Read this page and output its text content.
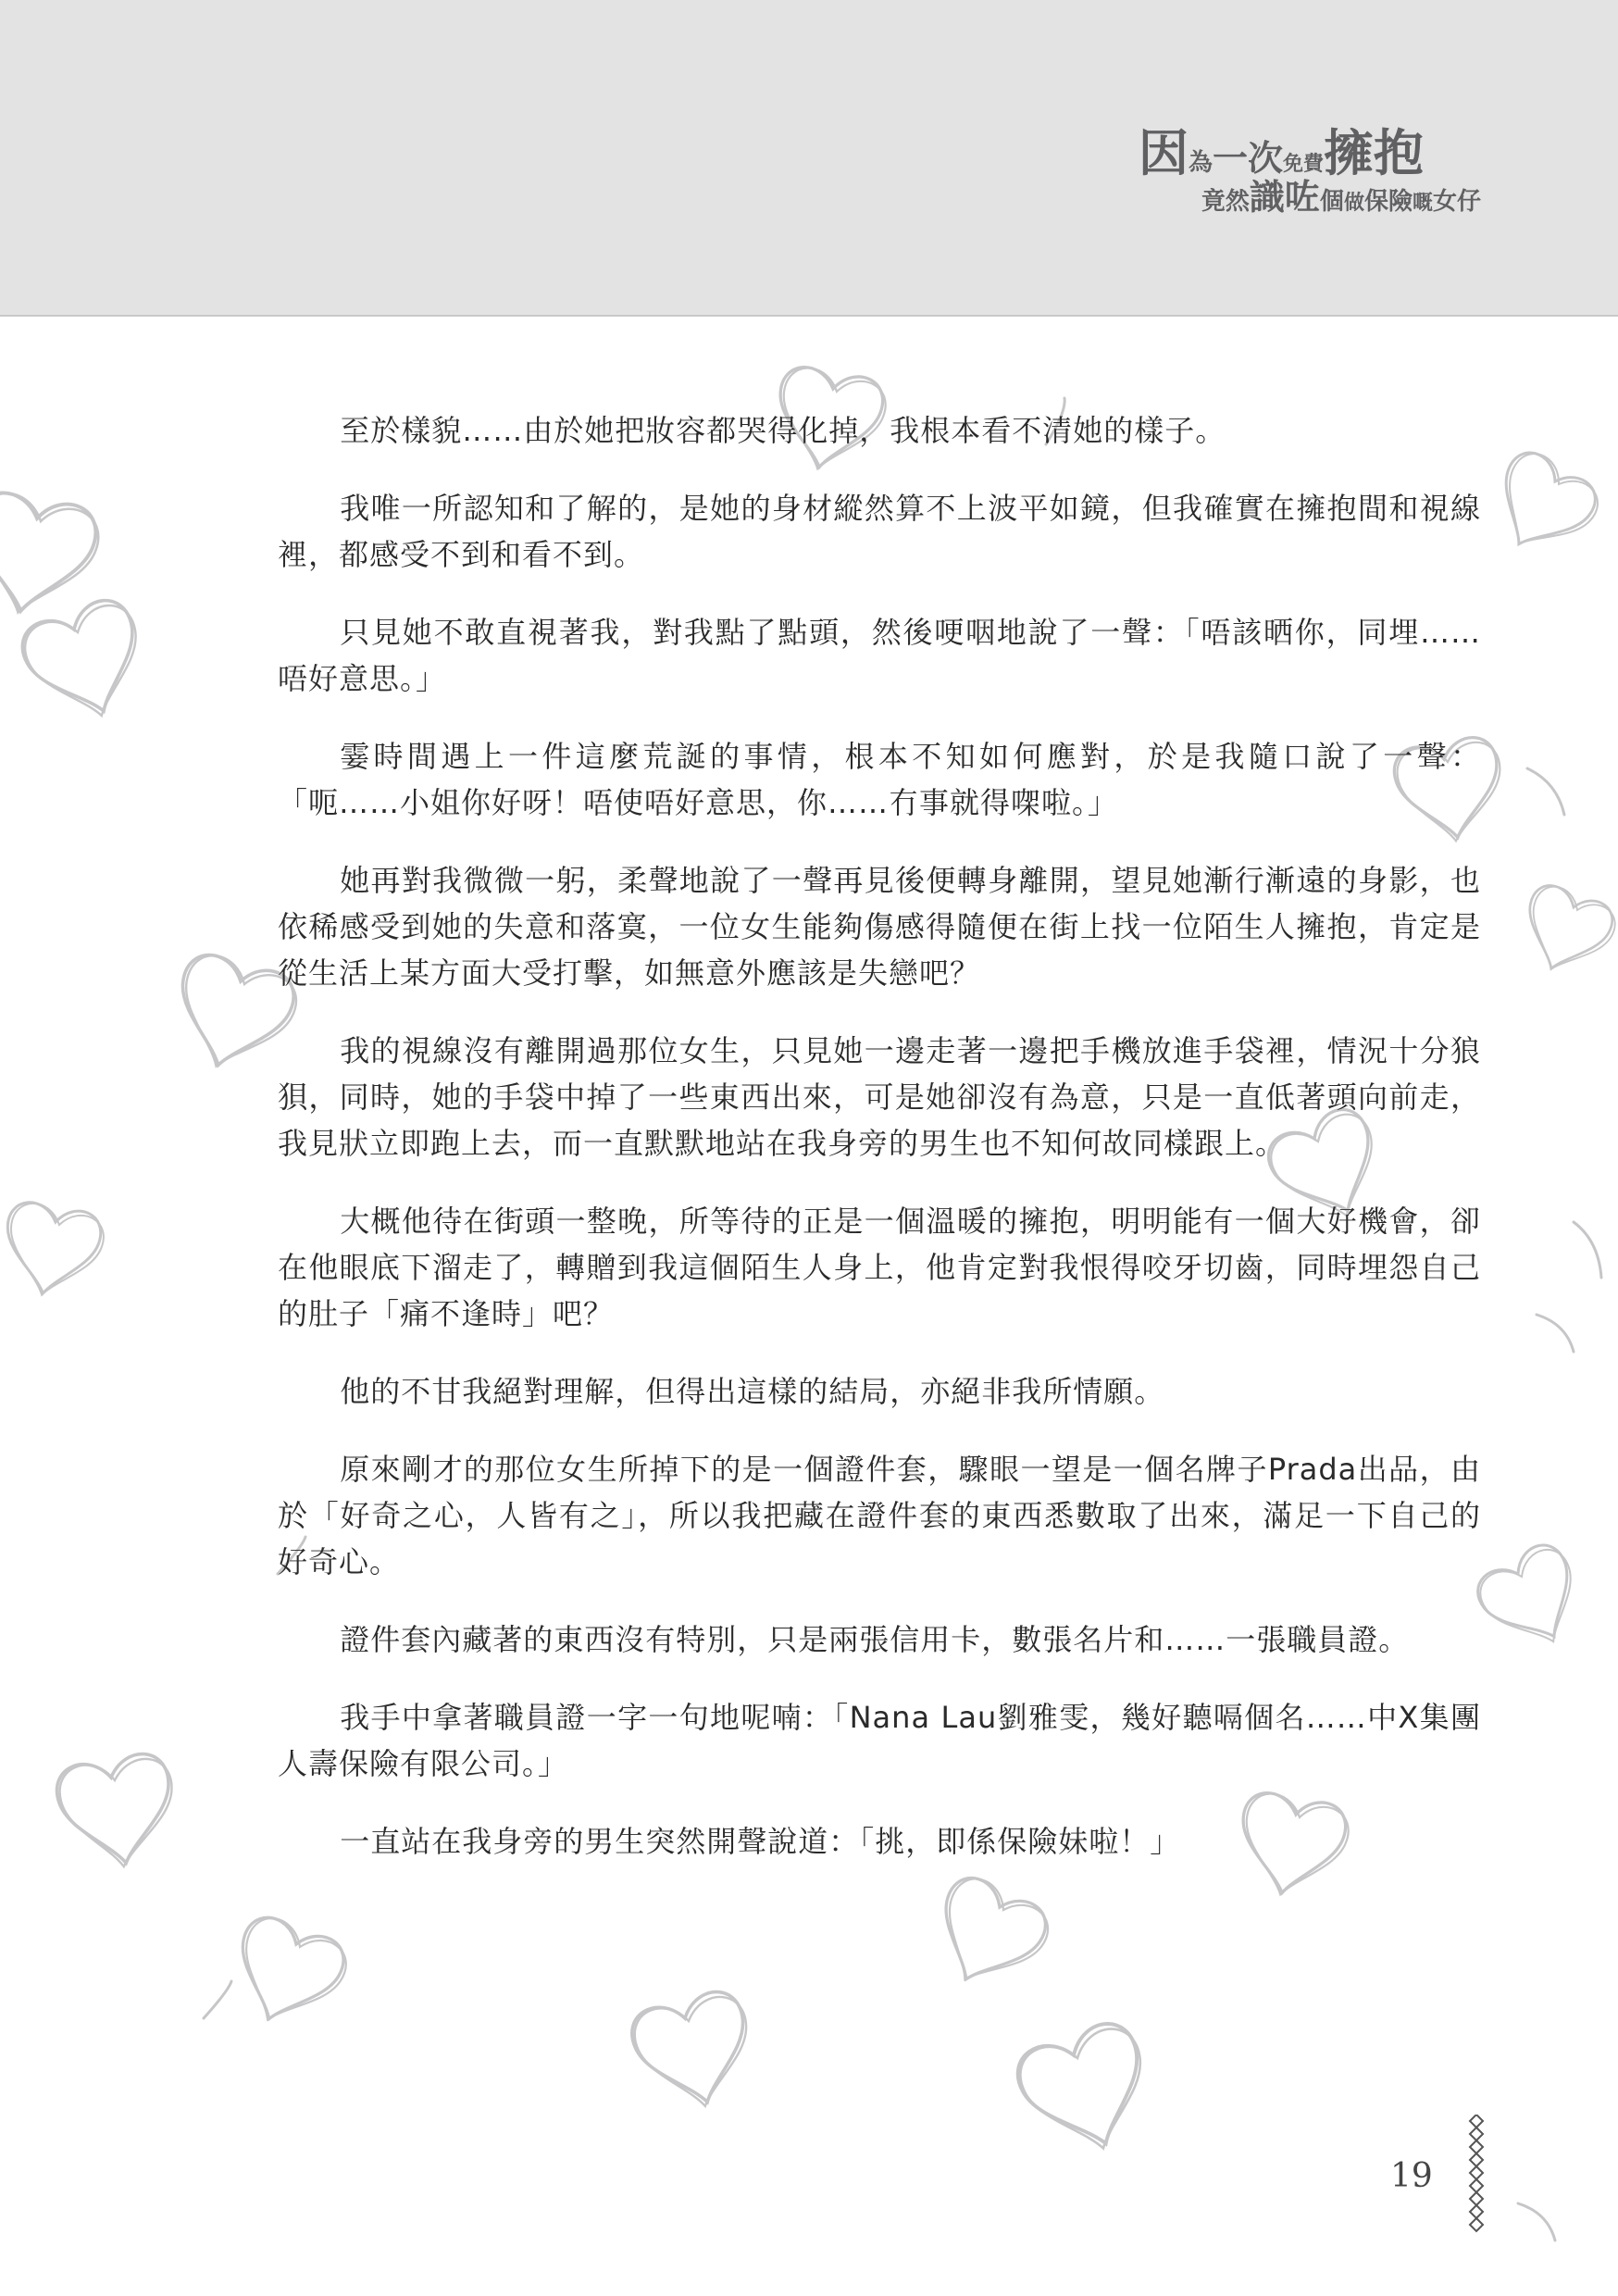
因為一次免費擁抱
竟然識咗個做保險嘅女仔

至於樣貌……由於她把妝容都哭得化掉，我根本看不清她的樣子。

我唯一所認知和了解的，是她的身材縱然算不上波平如鏡，但我確實在擁抱間和視線裡，都感受不到和看不到。

只見她不敢直視著我，對我點了點頭，然後哽咽地說了一聲：「唔該晒你，同埋……唔好意思。」

霎時間遇上一件這麼荒誕的事情，根本不知如何應對，於是我隨口說了一聲：「呃……小姐你好呀！唔使唔好意思，你……冇事就得㗎啦。」

她再對我微微一躬，柔聲地說了一聲再見後便轉身離開，望見她漸行漸遠的身影，也依稀感受到她的失意和落寞，一位女生能夠傷感得隨便在街上找一位陌生人擁抱，肯定是從生活上某方面大受打擊，如無意外應該是失戀吧？

我的視線沒有離開過那位女生，只見她一邊走著一邊把手機放進手袋裡，情況十分狼狽，同時，她的手袋中掉了一些東西出來，可是她卻沒有為意，只是一直低著頭向前走，我見狀立即跑上去，而一直默默地站在我身旁的男生也不知何故同樣跟上。

大概他待在街頭一整晚，所等待的正是一個溫暖的擁抱，明明能有一個大好機會，卻在他眼底下溜走了，轉贈到我這個陌生人身上，他肯定對我恨得咬牙切齒，同時埋怨自己的肚子「痛不逢時」吧？

他的不甘我絕對理解，但得出這樣的結局，亦絕非我所情願。

原來剛才的那位女生所掉下的是一個證件套，驟眼一望是一個名牌子Prada出品，由於「好奇之心，人皆有之」，所以我把藏在證件套的東西悉數取了出來，滿足一下自己的好奇心。

證件套內藏著的東西沒有特別，只是兩張信用卡，數張名片和……一張職員證。

我手中拿著職員證一字一句地呢喃：「Nana Lau劉雅雯，幾好聽嗝個名……中X集團人壽保險有限公司。」

一直站在我身旁的男生突然開聲說道：「挑，即係保險妹啦！」

19
